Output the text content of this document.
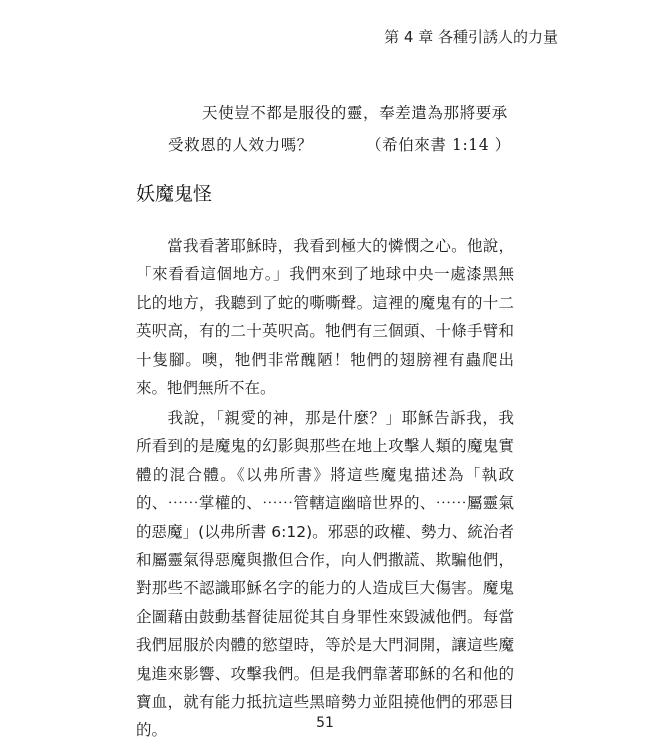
第 4 章 各種引誘人的力量
天使豈不都是服役的靈，奉差遣為那將要承
受救恩的人效力嗎？	（希伯來書 1:14 ）
妖魔鬼怪
當我看著耶穌時，我看到極大的憐憫之心。他說，「來看看這個地方。」我們來到了地球中央一處漆黑無比的地方，我聽到了蛇的嘶嘶聲。這裡的魔鬼有的十二英呎高，有的二十英呎高。牠們有三個頭、十條手臂和十隻腳。噢，牠們非常醜陋！牠們的翅膀裡有蟲爬出來。牠們無所不在。
我說，「親愛的神，那是什麼？」耶穌告訴我，我所看到的是魔鬼的幻影與那些在地上攻擊人類的魔鬼實體的混合體。《以弗所書》將這些魔鬼描述為「執政的、⋯⋯掌權的、⋯⋯管轄這幽暗世界的、⋯⋯屬靈氣的惡魔」(以弗所書 6:12)。邪惡的政權、勢力、統治者和屬靈氣得惡魔與撒但合作，向人們撒謊、欺騙他們，對那些不認識耶穌名字的能力的人造成巨大傷害。魔鬼企圖藉由鼓動基督徒屈從其自身罪性來毀滅他們。每當我們屈服於肉體的慾望時，等於是大門洞開，讓這些魔鬼進來影響、攻擊我們。但是我們靠著耶穌的名和他的寶血，就有能力抵抗這些黑暗勢力並阻撓他們的邪惡目的。	51
